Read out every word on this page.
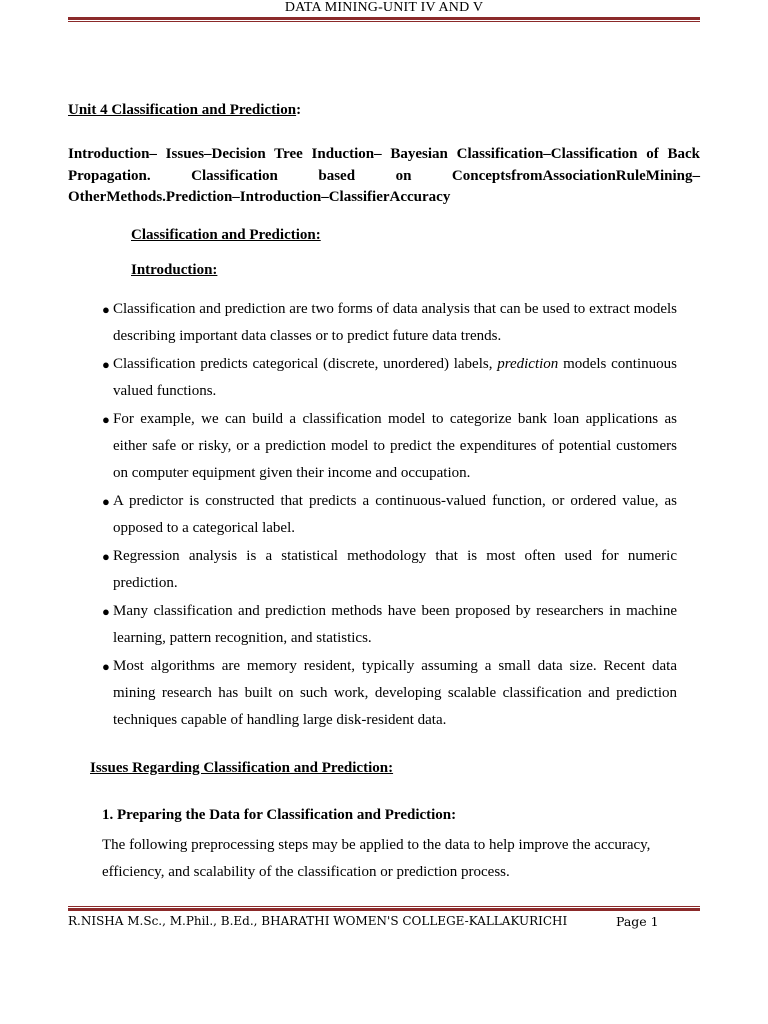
DATA MINING-UNIT IV AND V
Unit 4 Classification and Prediction:
Introduction– Issues–Decision Tree Induction– Bayesian Classification–Classification of Back Propagation. Classification based on ConceptsfromAssociationRuleMining–OtherMethods.Prediction–Introduction–ClassifierAccuracy
Classification and Prediction:
Introduction:
● Classification and prediction are two forms of data analysis that can be used to extract models describing important data classes or to predict future data trends.
● Classification predicts categorical (discrete, unordered) labels, prediction models continuous valued functions.
● For example, we can build a classification model to categorize bank loan applications as either safe or risky, or a prediction model to predict the expenditures of potential customers on computer equipment given their income and occupation.
● A predictor is constructed that predicts a continuous-valued function, or ordered value, as opposed to a categorical label.
● Regression analysis is a statistical methodology that is most often used for numeric prediction.
● Many classification and prediction methods have been proposed by researchers in machine learning, pattern recognition, and statistics.
● Most algorithms are memory resident, typically assuming a small data size. Recent data mining research has built on such work, developing scalable classification and prediction techniques capable of handling large disk-resident data.
Issues Regarding Classification and Prediction:
1. Preparing the Data for Classification and Prediction:
The following preprocessing steps may be applied to the data to help improve the accuracy, efficiency, and scalability of the classification or prediction process.
R.NISHA M.Sc., M.Phil., B.Ed., BHARATHI WOMEN'S COLLEGE-KALLAKURICHI	Page 1
